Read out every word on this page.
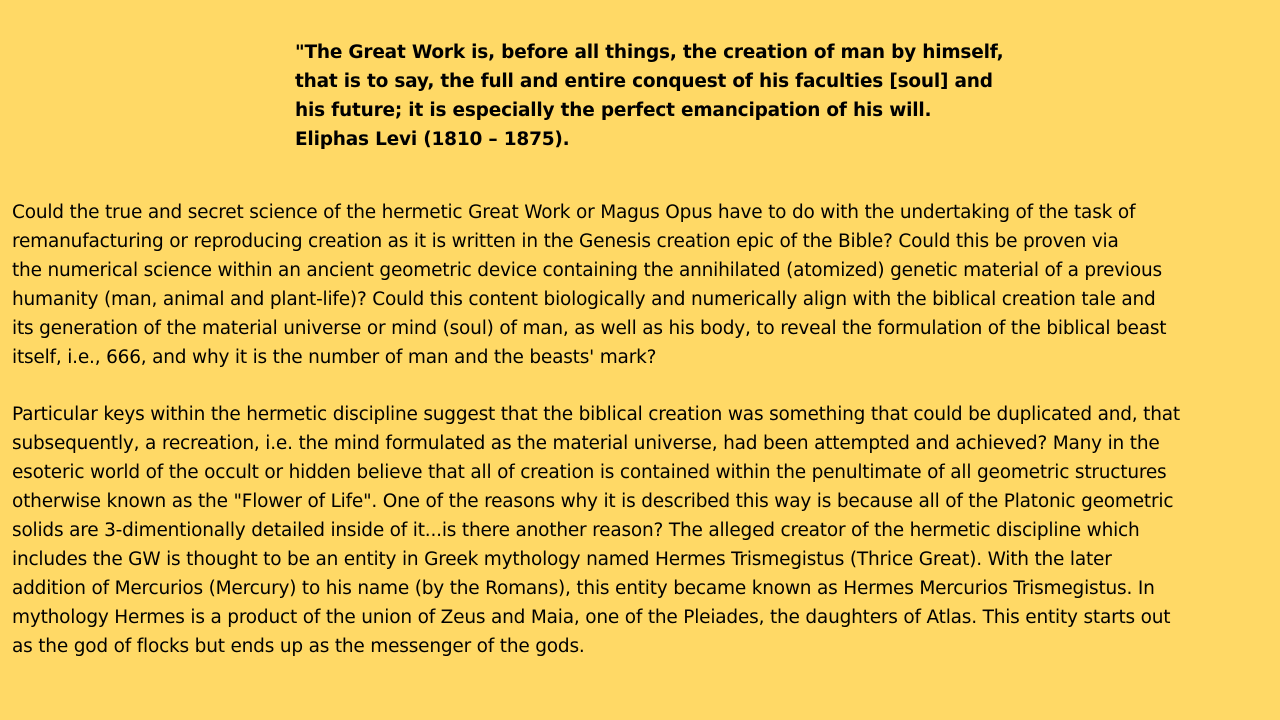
"The Great Work is, before all things, the creation of man by himself,
that is to say, the full and entire conquest of his faculties [soul] and
his future; it is especially the perfect emancipation of his will.
Eliphas Levi (1810 – 1875).
Could the true and secret science of the hermetic Great Work or Magus Opus have to do with the undertaking of the task of
remanufacturing or reproducing creation as it is written in the Genesis creation epic of the Bible? Could this be proven via
the numerical science within an ancient geometric device containing the annihilated (atomized) genetic material of a previous
humanity (man, animal and plant-life)? Could this content biologically and numerically align with the biblical creation tale and
its generation of the material universe or mind (soul) of man, as well as his body, to reveal the formulation of the biblical beast
itself, i.e., 666, and why it is the number of man and the beasts' mark?
Particular keys within the hermetic discipline suggest that the biblical creation was something that could be duplicated and, that
subsequently, a recreation, i.e. the mind formulated as the material universe, had been attempted and achieved? Many in the
esoteric world of the occult or hidden believe that all of creation is contained within the penultimate of all geometric structures
otherwise known as the "Flower of Life". One of the reasons why it is described this way is because all of the Platonic geometric
solids are 3-dimentionally detailed inside of it...is there another reason? The alleged creator of the hermetic discipline which
includes the GW is thought to be an entity in Greek mythology named Hermes Trismegistus (Thrice Great). With the later
addition of Mercurios (Mercury) to his name (by the Romans), this entity became known as Hermes Mercurios Trismegistus. In
mythology Hermes is a product of the union of Zeus and Maia, one of the Pleiades, the daughters of Atlas. This entity starts out
as the god of flocks but ends up as the messenger of the gods.
